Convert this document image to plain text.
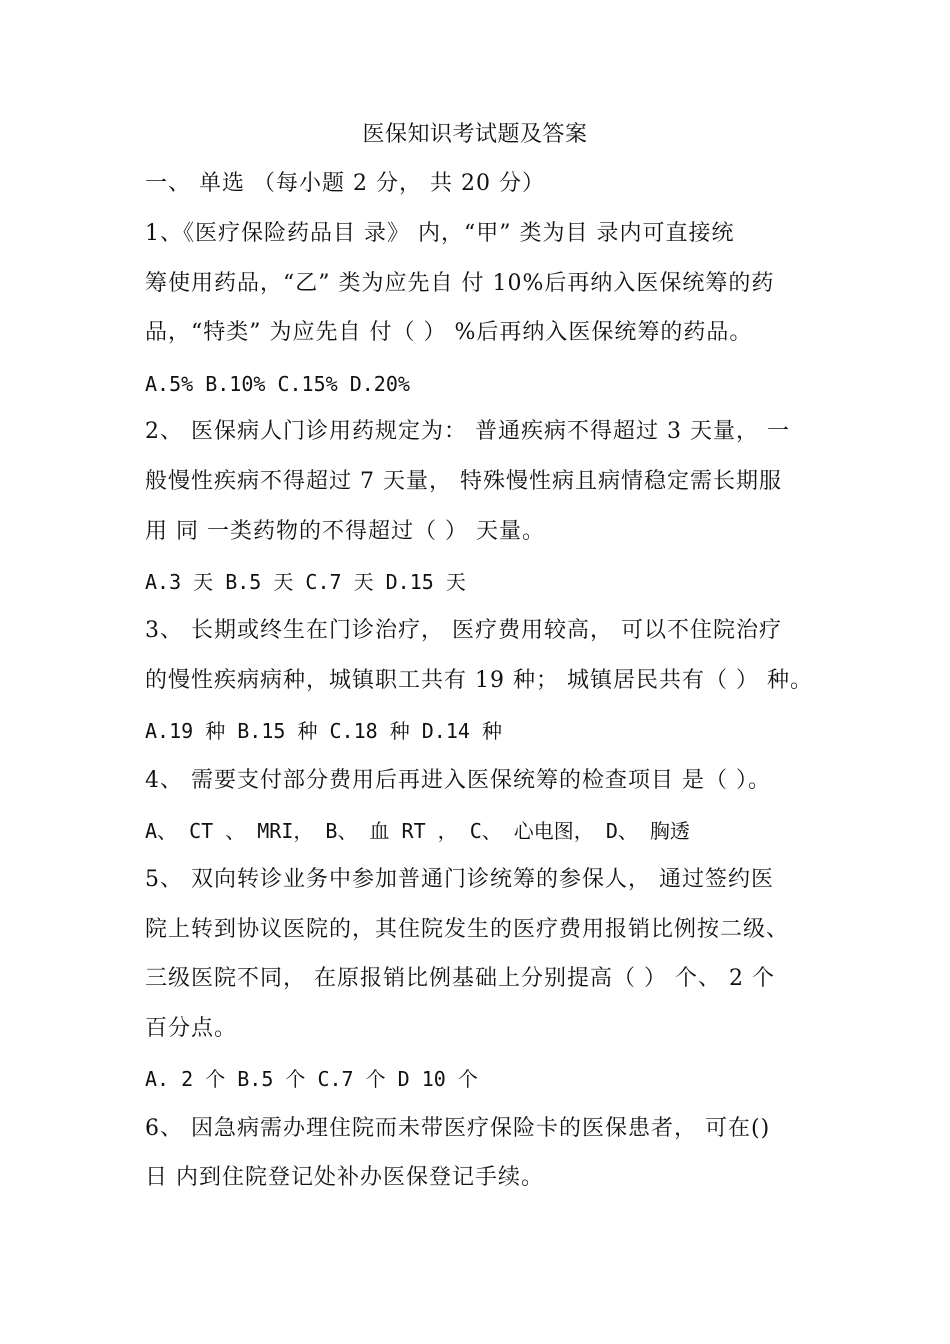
医保知识考试题及答案
一、 单选 （每小题 2 分， 共 20 分）
1、《医疗保险药品目 录》 内，“甲” 类为目 录内可直接统
筹使用药品，“乙” 类为应先自 付 10%后再纳入医保统筹的药
品，“特类” 为应先自 付（ ） %后再纳入医保统筹的药品。
A.5% B.10% C.15% D.20%
2、 医保病人门诊用药规定为： 普通疾病不得超过 3 天量， 一
般慢性疾病不得超过 7 天量， 特殊慢性病且病情稳定需长期服
用 同 一类药物的不得超过（ ） 天量。
A.3 天 B.5 天 C.7 天 D.15 天
3、 长期或终生在门诊治疗， 医疗费用较高， 可以不住院治疗
的慢性疾病病种，城镇职工共有 19 种； 城镇居民共有（ ） 种。
A.19 种 B.15 种 C.18 种 D.14 种
4、 需要支付部分费用后再进入医保统筹的检查项目 是（ ）。
A、 CT 、 MRI， B、 血 RT ， C、 心电图， D、 胸透
5、 双向转诊业务中参加普通门诊统筹的参保人， 通过签约医
院上转到协议医院的，其住院发生的医疗费用报销比例按二级、
三级医院不同， 在原报销比例基础上分别提高（ ） 个、 2 个
百分点。
A. 2 个 B.5 个 C.7 个 D 10 个
6、 因急病需办理住院而未带医疗保险卡的医保患者， 可在()
日 内到住院登记处补办医保登记手续。
